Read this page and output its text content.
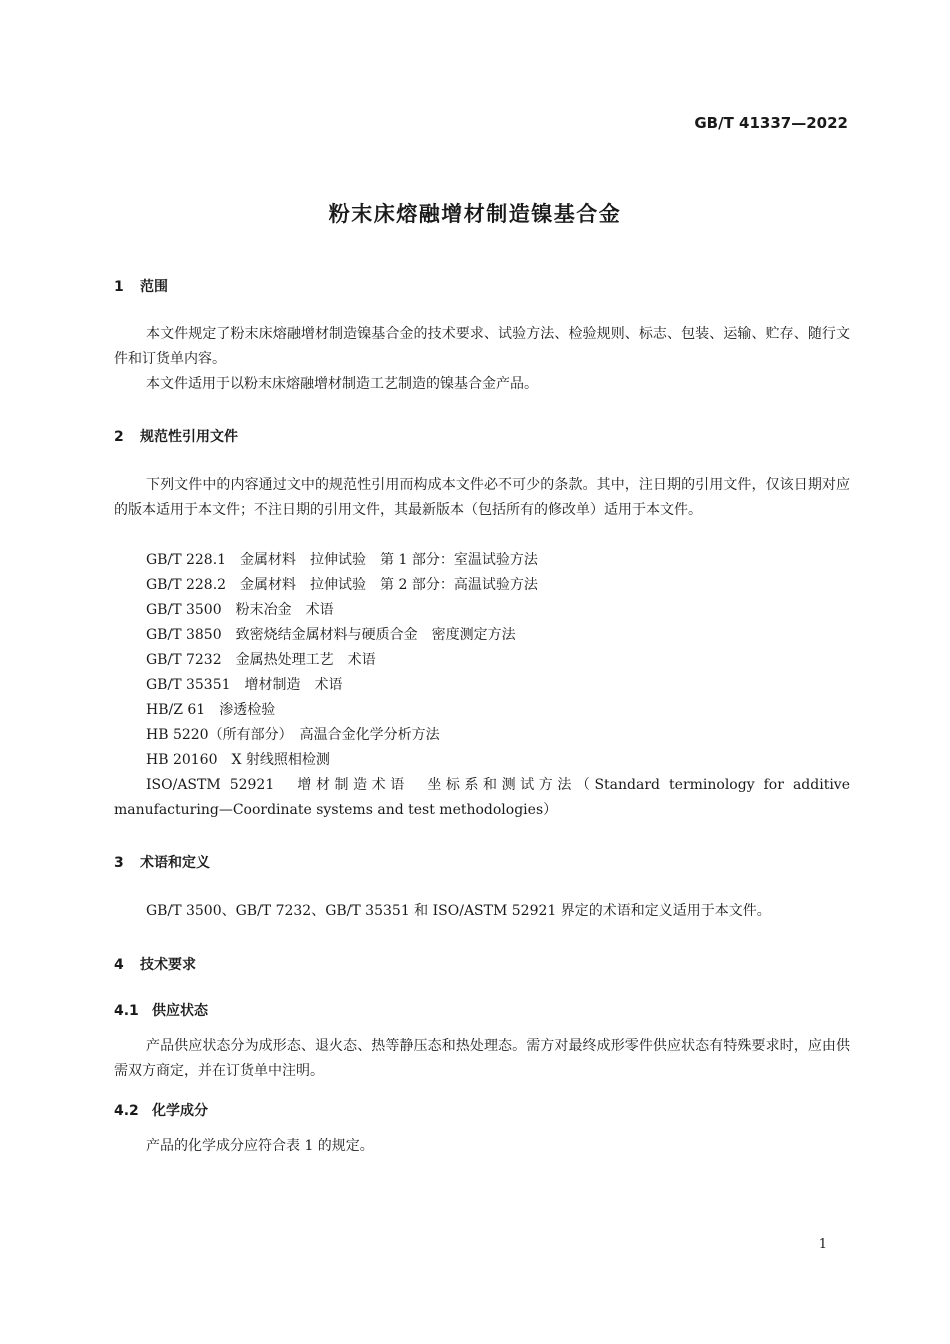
GB/T 41337—2022
粉末床熔融增材制造镍基合金
1 范围
本文件规定了粉末床熔融增材制造镍基合金的技术要求、试验方法、检验规则、标志、包装、运输、贮存、随行文件和订货单内容。
本文件适用于以粉末床熔融增材制造工艺制造的镍基合金产品。
2 规范性引用文件
下列文件中的内容通过文中的规范性引用而构成本文件必不可少的条款。其中，注日期的引用文件，仅该日期对应的版本适用于本文件；不注日期的引用文件，其最新版本（包括所有的修改单）适用于本文件。
GB/T 228.1　金属材料　拉伸试验　第 1 部分：室温试验方法
GB/T 228.2　金属材料　拉伸试验　第 2 部分：高温试验方法
GB/T 3500　粉末冶金　术语
GB/T 3850　致密烧结金属材料与硬质合金　密度测定方法
GB/T 7232　金属热处理工艺　术语
GB/T 35351　增材制造　术语
HB/Z 61　渗透检验
HB 5220（所有部分）　高温合金化学分析方法
HB 20160　X 射线照相检测
ISO/ASTM 52921　增材制造术语　坐标系和测试方法（Standard terminology for additive manufacturing—Coordinate systems and test methodologies）
3 术语和定义
GB/T 3500、GB/T 7232、GB/T 35351 和 ISO/ASTM 52921 界定的术语和定义适用于本文件。
4 技术要求
4.1 供应状态
产品供应状态分为成形态、退火态、热等静压态和热处理态。需方对最终成形零件供应状态有特殊要求时，应由供需双方商定，并在订货单中注明。
4.2 化学成分
产品的化学成分应符合表 1 的规定。
1
